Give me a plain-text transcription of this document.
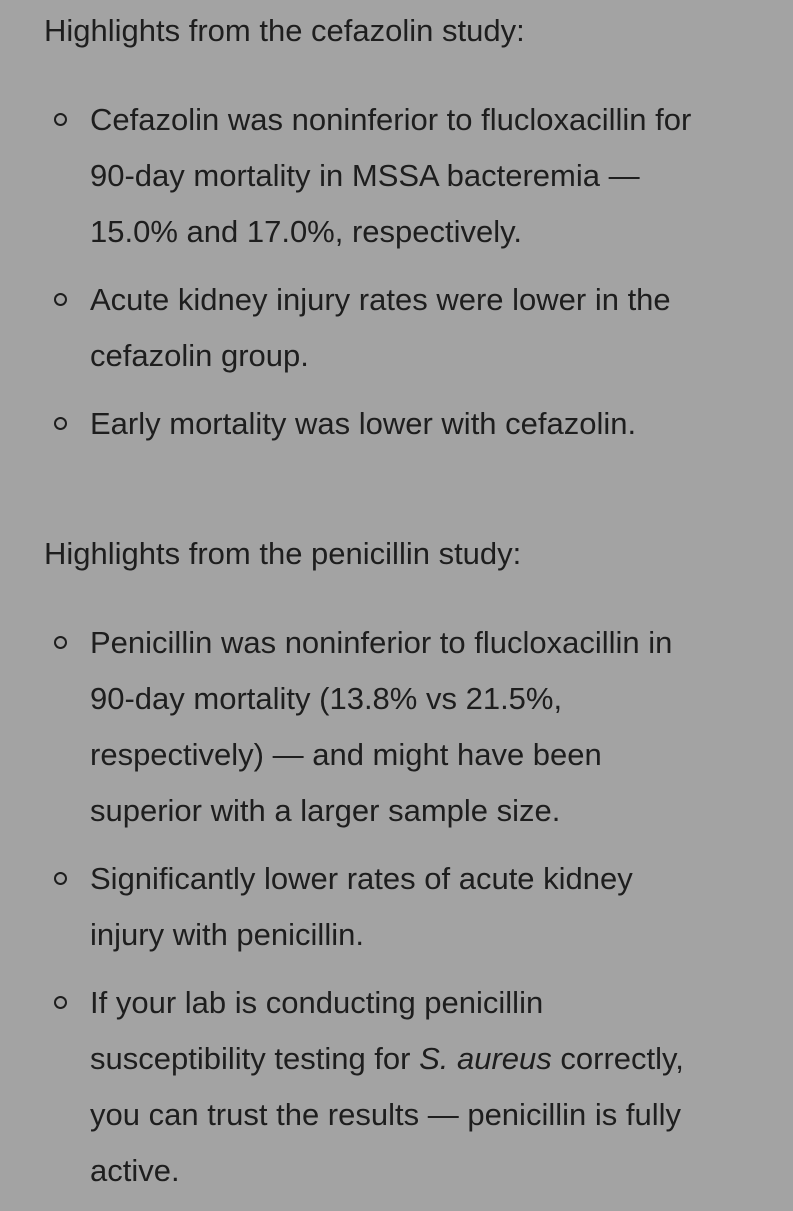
Highlights from the cefazolin study:
Cefazolin was noninferior to flucloxacillin for 90-day mortality in MSSA bacteremia — 15.0% and 17.0%, respectively.
Acute kidney injury rates were lower in the cefazolin group.
Early mortality was lower with cefazolin.
Highlights from the penicillin study:
Penicillin was noninferior to flucloxacillin in 90-day mortality (13.8% vs 21.5%, respectively) — and might have been superior with a larger sample size.
Significantly lower rates of acute kidney injury with penicillin.
If your lab is conducting penicillin susceptibility testing for S. aureus correctly, you can trust the results — penicillin is fully active.
